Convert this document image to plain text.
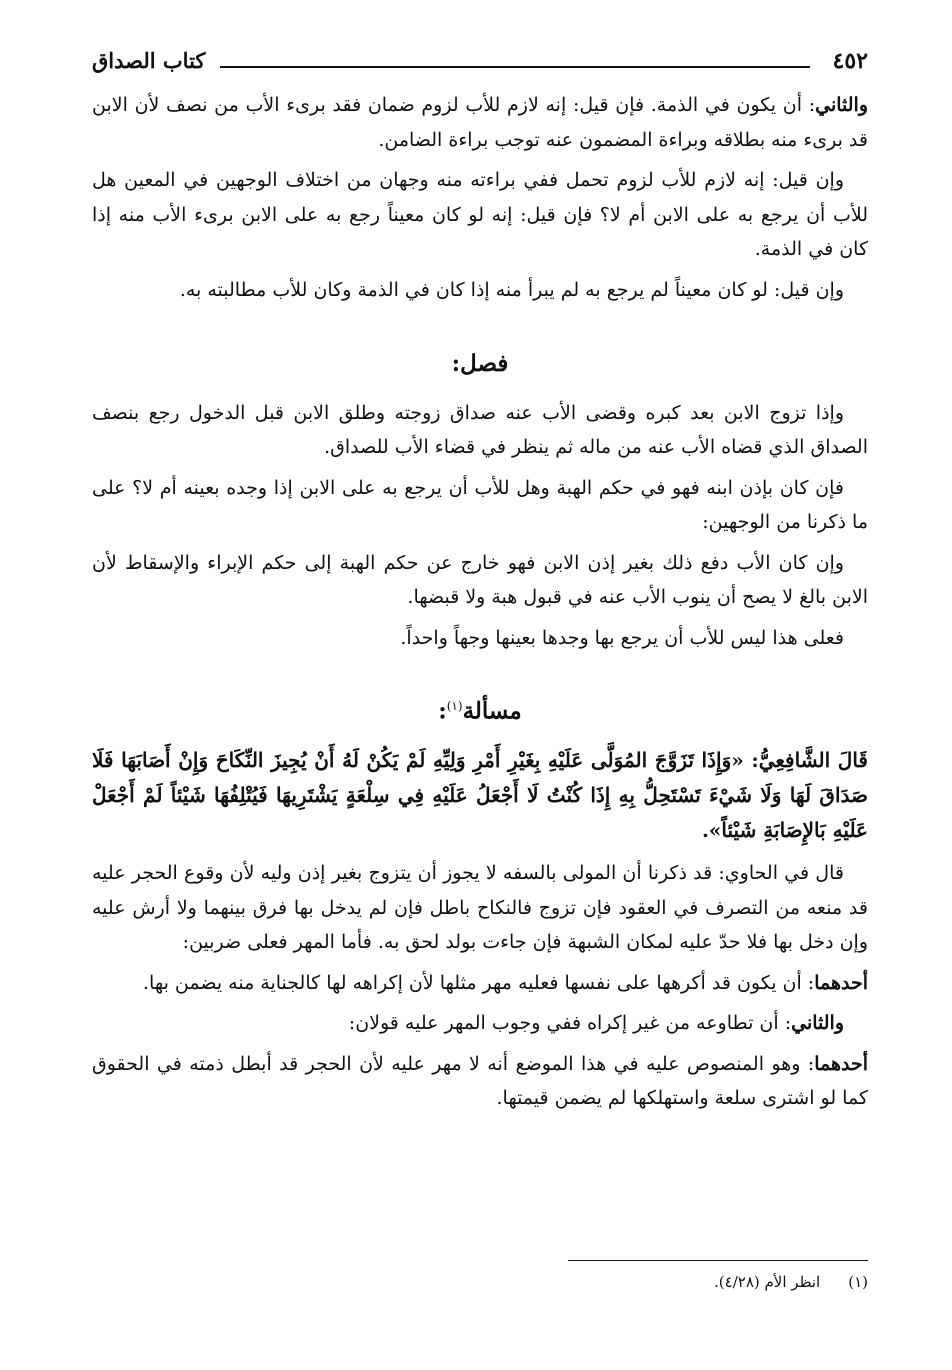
٤٥٢
كتاب الصداق

والثاني: أن يكون في الذمة. فإن قيل: إنه لازم للأب لزوم ضمان فقد برىء الأب من نصف لأن الابن قد برىء منه بطلاقه وبراءة المضمون عنه توجب براءة الضامن.

وإن قيل: إنه لازم للأب لزوم تحمل ففي براءته منه وجهان من اختلاف الوجهين في المعين هل للأب أن يرجع به على الابن أم لا؟ فإن قيل: إنه لو كان معيناً رجع به على الابن برىء الأب منه إذا كان في الذمة.

وإن قيل: لو كان معيناً لم يرجع به لم يبرأ منه إذا كان في الذمة وكان للأب مطالبته به.

فصل:

وإذا تزوج الابن بعد كبره وقضى الأب عنه صداق زوجته وطلق الابن قبل الدخول رجع بنصف الصداق الذي قضاه الأب عنه من ماله ثم ينظر في قضاء الأب للصداق.

فإن كان بإذن ابنه فهو في حكم الهبة وهل للأب أن يرجع به على الابن إذا وجده بعينه أم لا؟ على ما ذكرنا من الوجهين:

وإن كان الأب دفع ذلك بغير إذن الابن فهو خارج عن حكم الهبة إلى حكم الإبراء والإسقاط لأن الابن بالغ لا يصح أن ينوب الأب عنه في قبول هبة ولا قبضها.

فعلى هذا ليس للأب أن يرجع بها وجدها بعينها وجهاً واحداً.

مسألة$^{(١)}$:

قَالَ الشَّافِعِيُّ: «وَإِذَا تَزَوَّجَ المُوَلَّى عَلَيْهِ بِغَيْرِ أَمْرِ وَلِيِّهِ لَمْ يَكُنْ لَهُ أَنْ يُجِيزَ النِّكَاحَ وَإِنْ أَصَابَهَا فَلَا صَدَاقَ لَهَا وَلَا شَيْءَ تَسْتَحِلُّ بِهِ إِذَا كُنْتُ لَا أَجْعَلُ عَلَيْهِ فِي سِلْعَةٍ يَشْتَرِيهَا فَيُتْلِفُهَا شَيْئاً لَمْ أَجْعَلْ عَلَيْهِ بَالإِصَابَةِ شَيْئاً».

قال في الحاوي: قد ذكرنا أن المولى بالسفه لا يجوز أن يتزوج بغير إذن وليه لأن وقوع الحجر عليه قد منعه من التصرف في العقود فإن تزوج فالنكاح باطل فإن لم يدخل بها فرق بينهما ولا أرش عليه وإن دخل بها فلا حدّ عليه لمكان الشبهة فإن جاءت بولد لحق به. فأما المهر فعلى ضربين:

أحدهما: أن يكون قد أكرهها على نفسها فعليه مهر مثلها لأن إكراهه لها كالجناية منه يضمن بها.

والثاني: أن تطاوعه من غير إكراه ففي وجوب المهر عليه قولان:

أحدهما: وهو المنصوص عليه في هذا الموضع أنه لا مهر عليه لأن الحجر قد أبطل ذمته في الحقوق كما لو اشترى سلعة واستهلكها لم يضمن قيمتها.

(١)انظر الأم (٤/٢٨).
